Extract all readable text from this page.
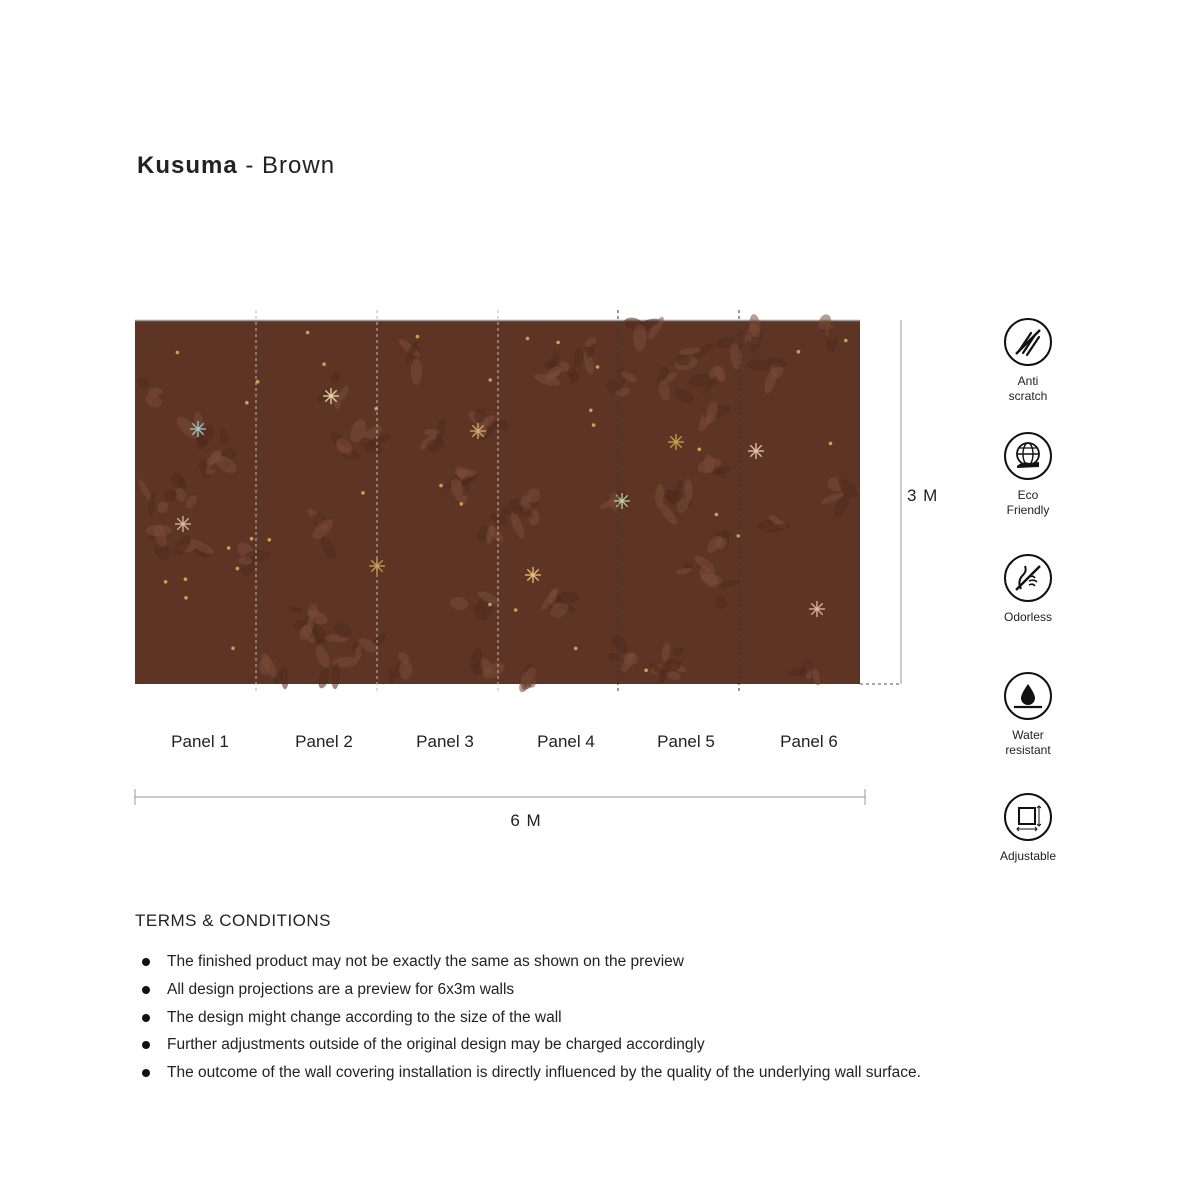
Kusuma - Brown
Panel 1	Panel 2	Panel 3	Panel 4	Panel 5	Panel 6
6 M
3 M
Anti
scratch
Eco
Friendly
Odorless
Water
resistant
Adjustable
TERMS & CONDITIONS
The finished product may not be exactly the same as shown on the preview
All design projections are a preview for 6x3m walls
The design might change according to the size of the wall
Further adjustments outside of the original design may be charged accordingly
The outcome of the wall covering installation is directly influenced by the quality of the underlying wall surface.
